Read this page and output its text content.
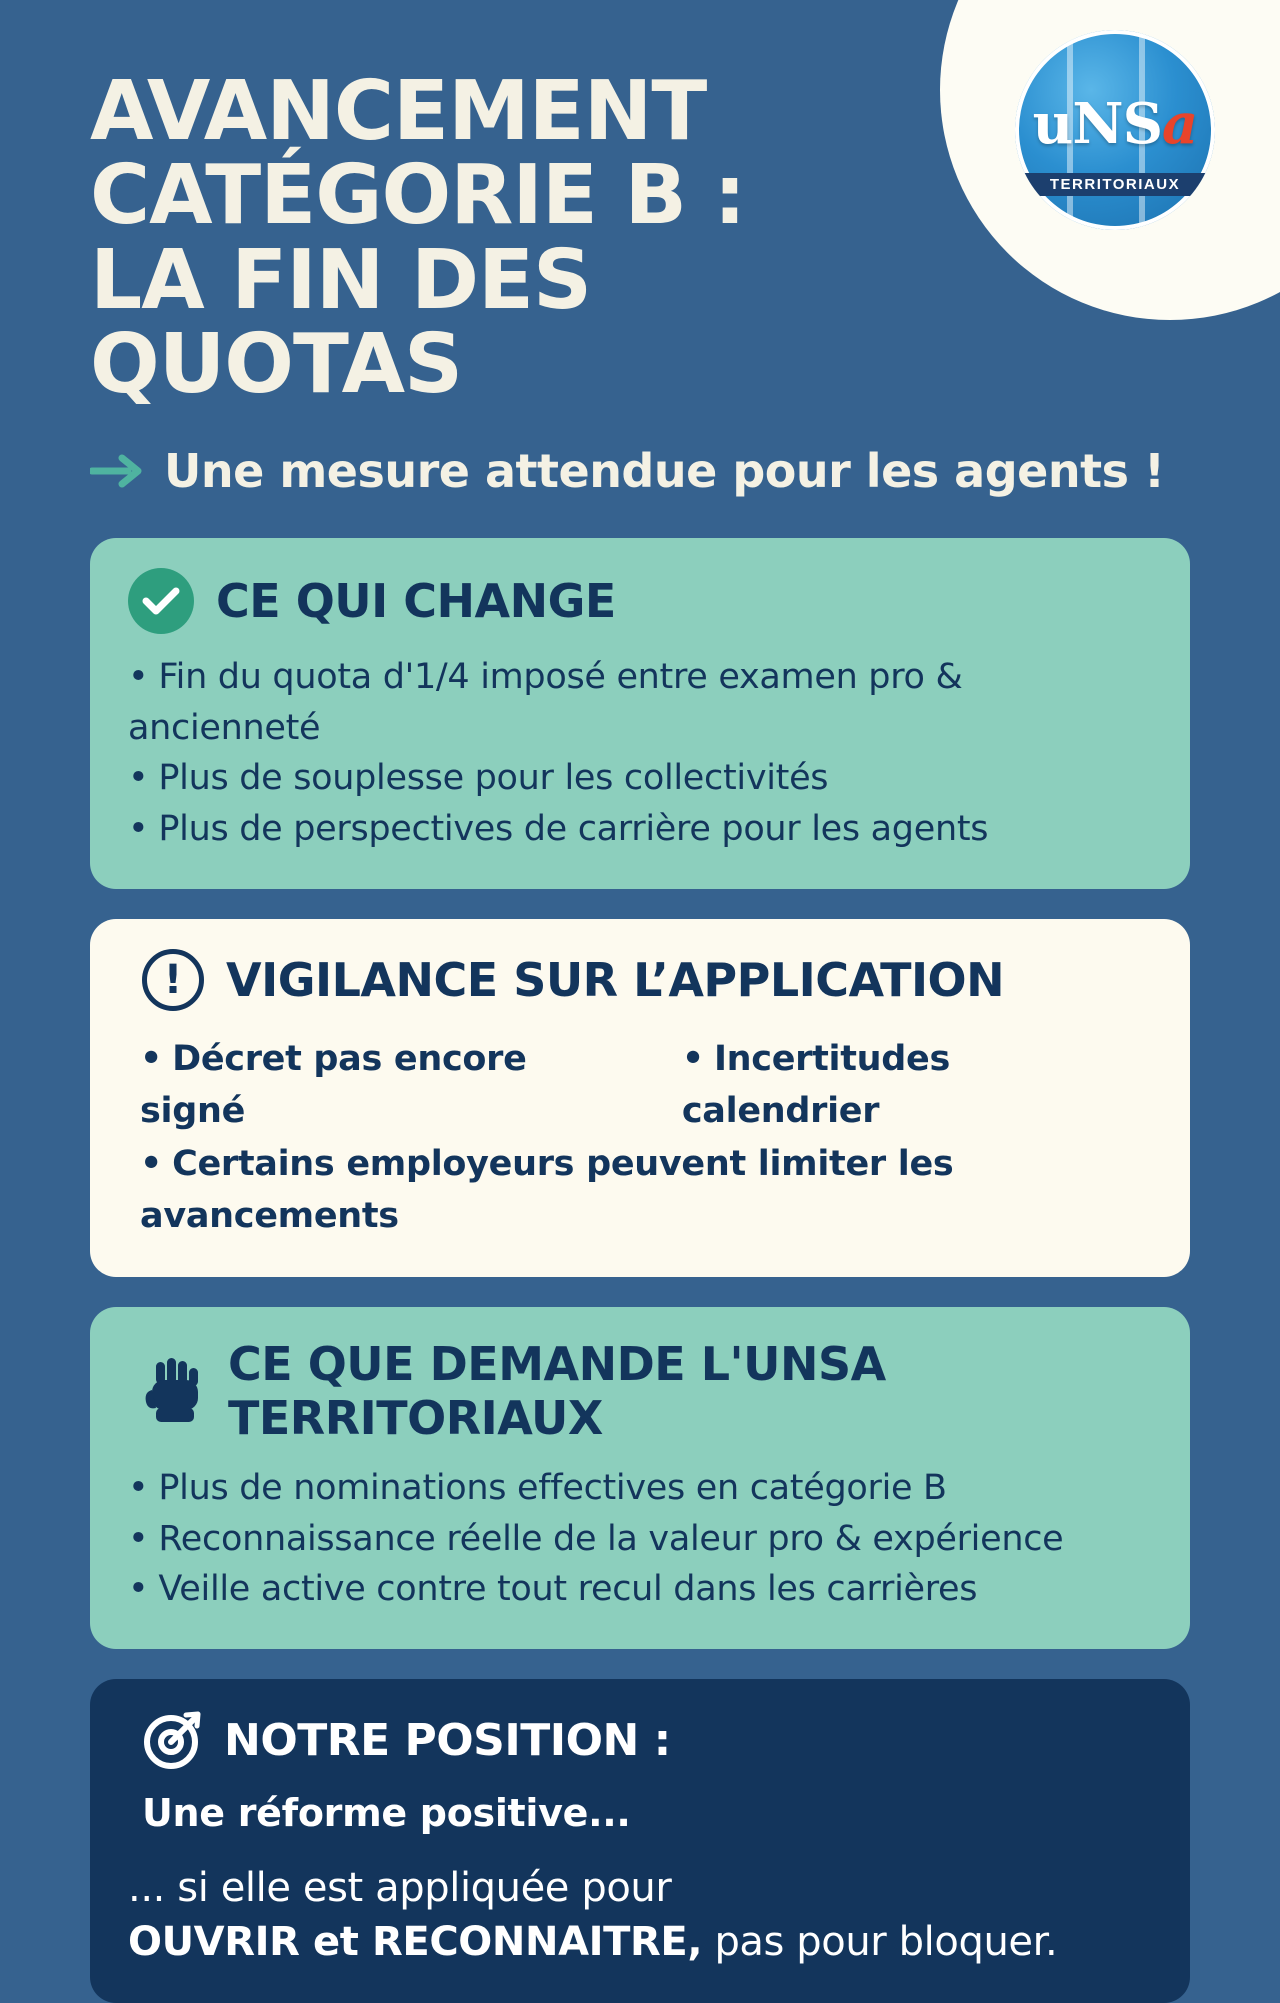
uNSa
TERRITORIAUX
AVANCEMENT
CATÉGORIE B :
LA FIN DES QUOTAS
Une mesure attendue pour les agents !
CE QUI CHANGE
• Fin du quota d'1/4 imposé entre examen pro & ancienneté
• Plus de souplesse pour les collectivités
• Plus de perspectives de carrière pour les agents
! VIGILANCE SUR L’APPLICATION
• Décret pas encore signé
• Incertitudes calendrier
• Certains employeurs peuvent limiter les avancements
CE QUE DEMANDE L'UNSA TERRITORIAUX
• Plus de nominations effectives en catégorie B
• Reconnaissance réelle de la valeur pro & expérience
• Veille active contre tout recul dans les carrières
NOTRE POSITION :
Une réforme positive...
... si elle est appliquée pour
OUVRIR et RECONNAITRE, pas pour bloquer.
